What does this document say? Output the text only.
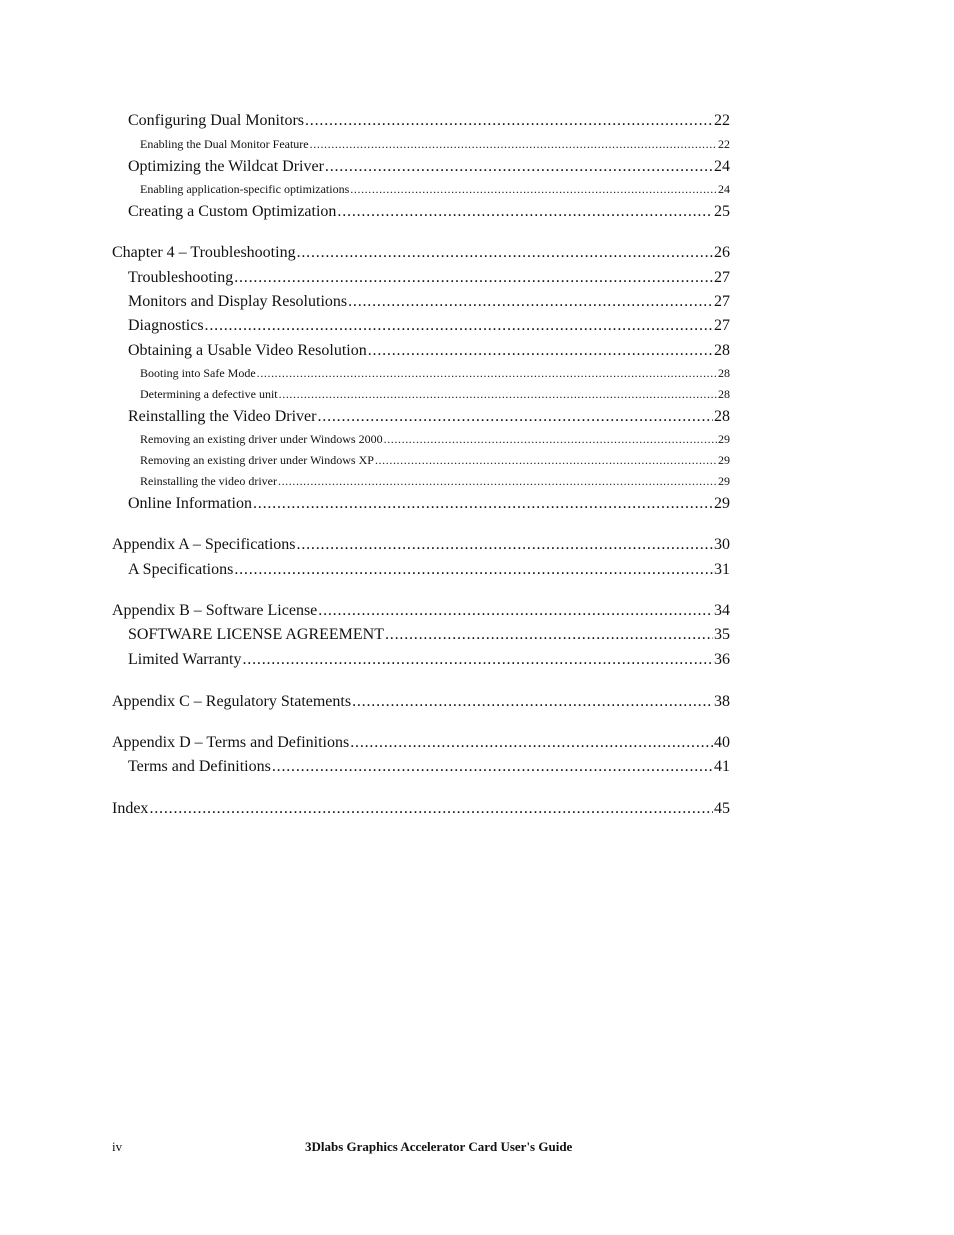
Configuring Dual Monitors . . .	22
Enabling the Dual Monitor Feature . . .	22
Optimizing the Wildcat Driver . . .	24
Enabling application-specific optimizations . . .	24
Creating a Custom Optimization . . .	25
Chapter 4 – Troubleshooting . . .	26
Troubleshooting . . .	27
Monitors and Display Resolutions . . .	27
Diagnostics . . .	27
Obtaining a Usable Video Resolution . . .	28
Booting into Safe Mode . . .	28
Determining a defective unit . . .	28
Reinstalling the Video Driver . . .	28
Removing an existing driver under Windows 2000 . . .	29
Removing an existing driver under Windows XP . . .	29
Reinstalling the video driver . . .	29
Online Information . . .	29
Appendix A – Specifications . . .	30
A Specifications . . .	31
Appendix B – Software License . . .	34
SOFTWARE LICENSE AGREEMENT . . .	35
Limited Warranty . . .	36
Appendix C – Regulatory Statements . . .	38
Appendix D – Terms and Definitions . . .	40
Terms and Definitions . . .	41
Index . . .	45
iv	3Dlabs Graphics Accelerator Card User's Guide
